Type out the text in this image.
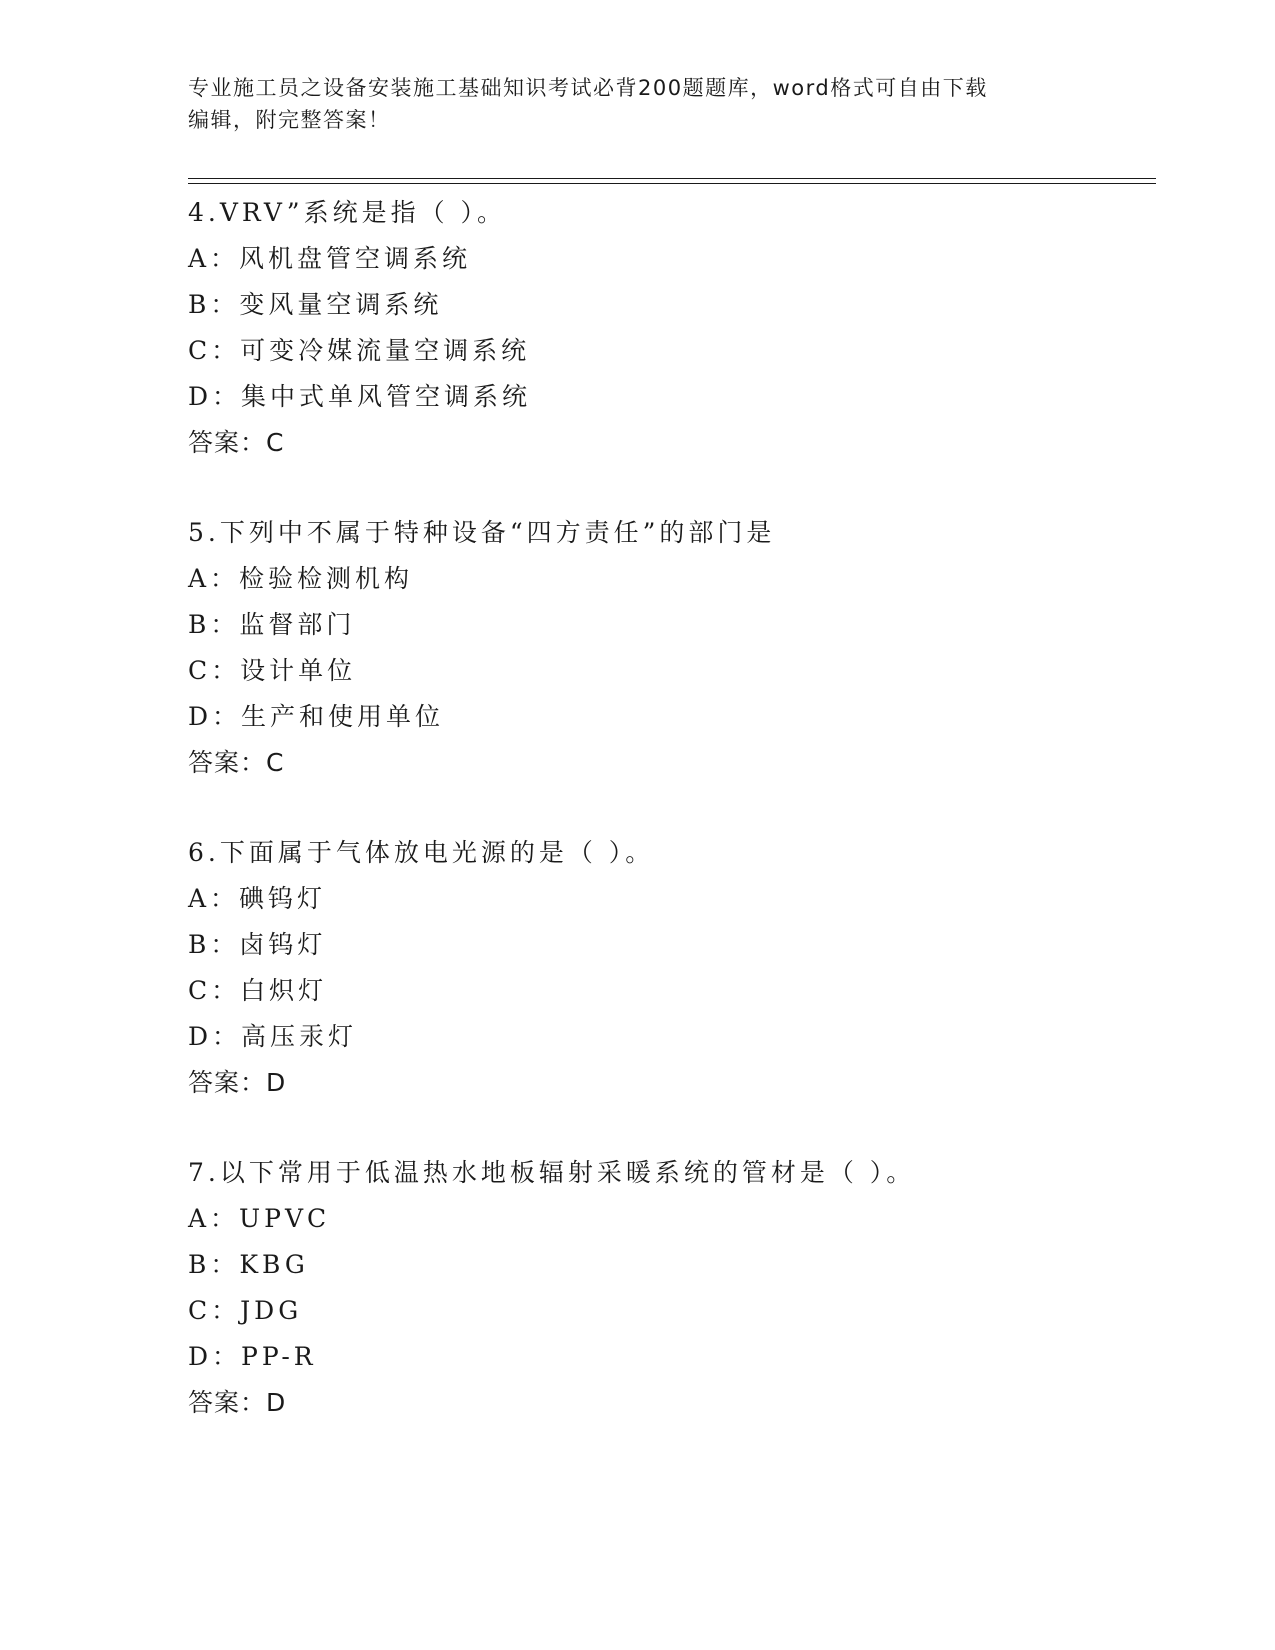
专业施工员之设备安装施工基础知识考试必背200题题库，word格式可自由下载
编辑，附完整答案！
4.VRV”系统是指（ ）。
A：风机盘管空调系统
B：变风量空调系统
C：可变冷媒流量空调系统
D：集中式单风管空调系统
答案：C
5.下列中不属于特种设备“四方责任”的部门是
A：检验检测机构
B：监督部门
C：设计单位
D：生产和使用单位
答案：C
6.下面属于气体放电光源的是（ ）。
A：碘钨灯
B：卤钨灯
C：白炽灯
D：高压汞灯
答案：D
7.以下常用于低温热水地板辐射采暖系统的管材是（ ）。
A：UPVC
B：KBG
C：JDG
D：PP-R
答案：D
